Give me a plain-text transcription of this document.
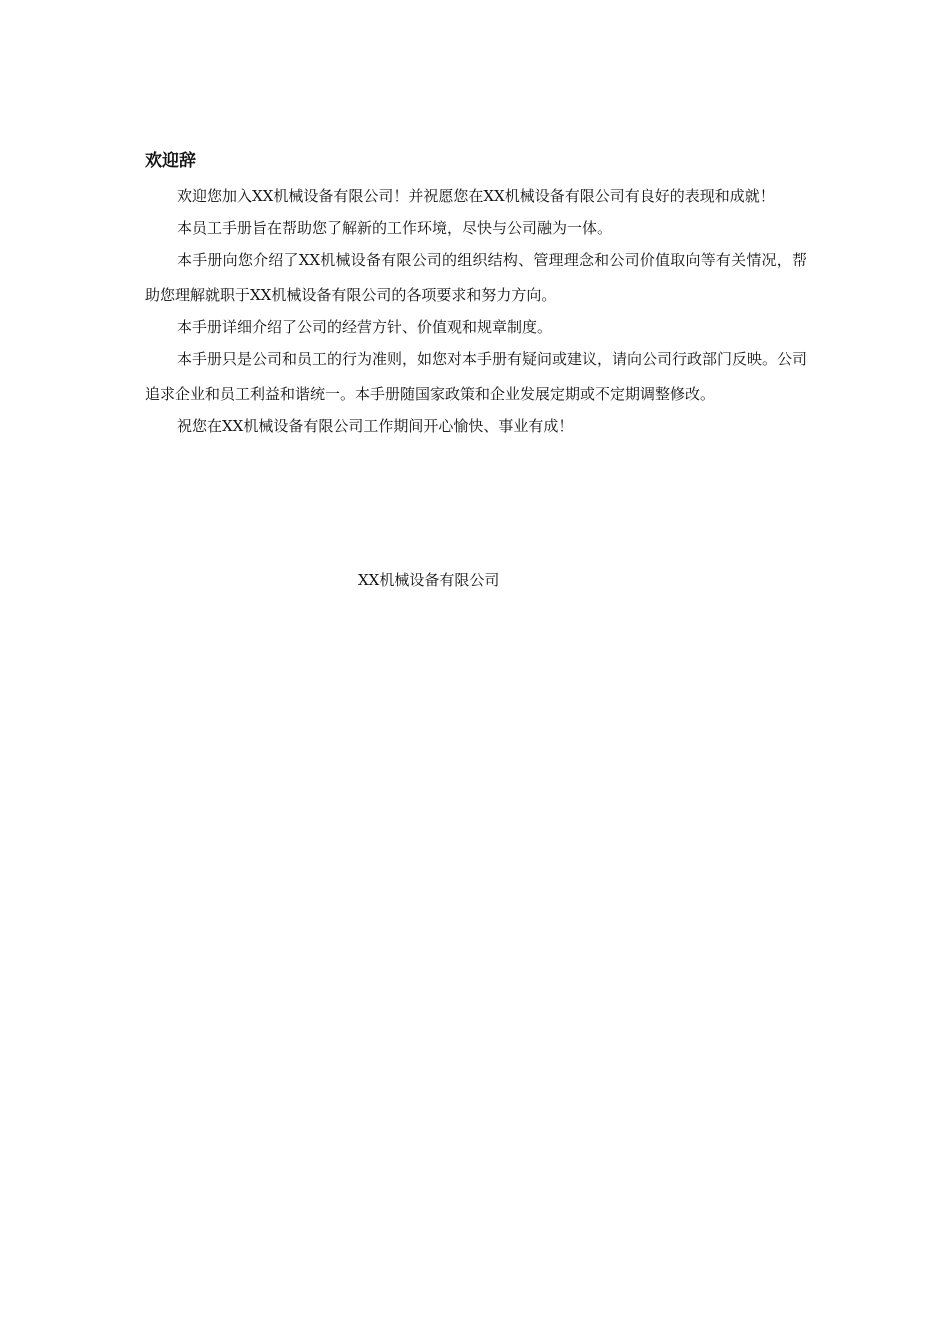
欢迎辞

欢迎您加入XX机械设备有限公司！并祝愿您在XX机械设备有限公司有良好的表现和成就！

本员工手册旨在帮助您了解新的工作环境，尽快与公司融为一体。

本手册向您介绍了XX机械设备有限公司的组织结构、管理理念和公司价值取向等有关情况，帮助您理解就职于XX机械设备有限公司的各项要求和努力方向。

本手册详细介绍了公司的经营方针、价值观和规章制度。

本手册只是公司和员工的行为准则，如您对本手册有疑问或建议，请向公司行政部门反映。公司追求企业和员工利益和谐统一。本手册随国家政策和企业发展定期或不定期调整修改。

祝您在XX机械设备有限公司工作期间开心愉快、事业有成！

XX机械设备有限公司
